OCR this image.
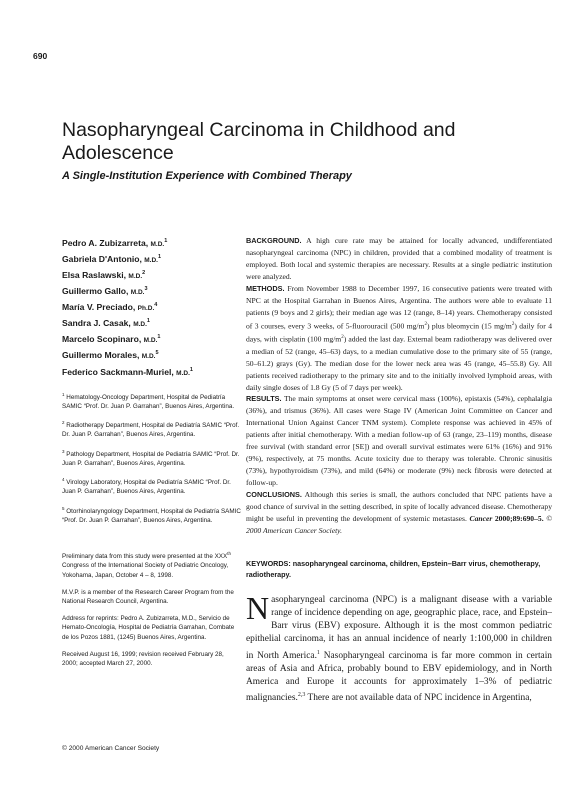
690
Nasopharyngeal Carcinoma in Childhood and Adolescence
A Single-Institution Experience with Combined Therapy
Pedro A. Zubizarreta, M.D.$^1$
Gabriela D'Antonio, M.D.$^1$
Elsa Raslawski, M.D.$^2$
Guillermo Gallo, M.D.$^3$
María V. Preciado, Ph.D.$^4$
Sandra J. Casak, M.D.$^1$
Marcelo Scopinaro, M.D.$^1$
Guillermo Morales, M.D.$^5$
Federico Sackmann-Muriel, M.D.$^1$
$^1$ Hematology-Oncology Department, Hospital de Pediatría SAMIC “Prof. Dr. Juan P. Garrahan”, Buenos Aires, Argentina.
$^2$ Radiotherapy Department, Hospital de Pediatría SAMIC “Prof. Dr. Juan P. Garrahan”, Buenos Aires, Argentina.
$^3$ Pathology Department, Hospital de Pediatría SAMIC “Prof. Dr. Juan P. Garrahan”, Buenos Aires, Argentina.
$^4$ Virology Laboratory, Hospital de Pediatría SAMIC “Prof. Dr. Juan P. Garrahan”, Buenos Aires, Argentina.
$^5$ Otorhinolaryngology Department, Hospital de Pediatría SAMIC “Prof. Dr. Juan P. Garrahan”, Buenos Aires, Argentina.
Preliminary data from this study were presented at the XXXth Congress of the International Society of Pediatric Oncology, Yokohama, Japan, October 4 – 8, 1998.
M.V.P. is a member of the Research Career Program from the National Research Council, Argentina.
Address for reprints: Pedro A. Zubizarreta, M.D., Servicio de Hemato-Oncología, Hospital de Pediatría Garrahan, Combate de los Pozos 1881, (1245) Buenos Aires, Argentina.
Received August 16, 1999; revision received February 28, 2000; accepted March 27, 2000.
© 2000 American Cancer Society
BACKGROUND. A high cure rate may be attained for locally advanced, undifferentiated nasopharyngeal carcinoma (NPC) in children, provided that a combined modality of treatment is employed. Both local and systemic therapies are necessary. Results at a single pediatric institution were analyzed.
METHODS. From November 1988 to December 1997, 16 consecutive patients were treated with NPC at the Hospital Garrahan in Buenos Aires, Argentina. The authors were able to evaluate 11 patients (9 boys and 2 girls); their median age was 12 (range, 8–14) years. Chemotherapy consisted of 3 courses, every 3 weeks, of 5-fluorouracil (500 $mg/m^2$) plus bleomycin (15 $mg/m^2$) daily for 4 days, with cisplatin (100 $mg/m^2$) added the last day. External beam radiotherapy was delivered over a median of 52 (range, 45–63) days, to a median cumulative dose to the primary site of 55 (range, 50–61.2) grays (Gy). The median dose for the lower neck area was 45 (range, 45–55.8) Gy. All patients received radiotherapy to the primary site and to the initially involved lymphoid areas, with daily single doses of 1.8 Gy (5 of 7 days per week).
RESULTS. The main symptoms at onset were cervical mass (100%), epistaxis (54%), cephalalgia (36%), and trismus (36%). All cases were Stage IV (American Joint Committee on Cancer and International Union Against Cancer TNM system). Complete response was achieved in 45% of patients after initial chemotherapy. With a median follow-up of 63 (range, 23–119) months, disease free survival (with standard error [SE]) and overall survival estimates were 61% (16%) and 91% (9%), respectively, at 75 months. Acute toxicity due to therapy was tolerable. Chronic sinusitis (73%), hypothyroidism (73%), and mild (64%) or moderate (9%) neck fibrosis were detected at follow-up.
CONCLUSIONS. Although this series is small, the authors concluded that NPC patients have a good chance of survival in the setting described, in spite of locally advanced disease. Chemotherapy might be useful in preventing the development of systemic metastases. Cancer 2000;89:690–5. © 2000 American Cancer Society.
KEYWORDS: nasopharyngeal carcinoma, children, Epstein–Barr virus, chemotherapy, radiotherapy.
Nasopharyngeal carcinoma (NPC) is a malignant disease with a variable range of incidence depending on age, geographic place, race, and Epstein–Barr virus (EBV) exposure. Although it is the most common pediatric epithelial carcinoma, it has an annual incidence of nearly 1:100,000 in children in North America.$^1$ Nasopharyngeal carcinoma is far more common in certain areas of Asia and Africa, probably bound to EBV epidemiology, and in North America and Europe it accounts for approximately 1–3% of pediatric malignancies.$^{2,3}$ There are not available data of NPC incidence in Argentina,
